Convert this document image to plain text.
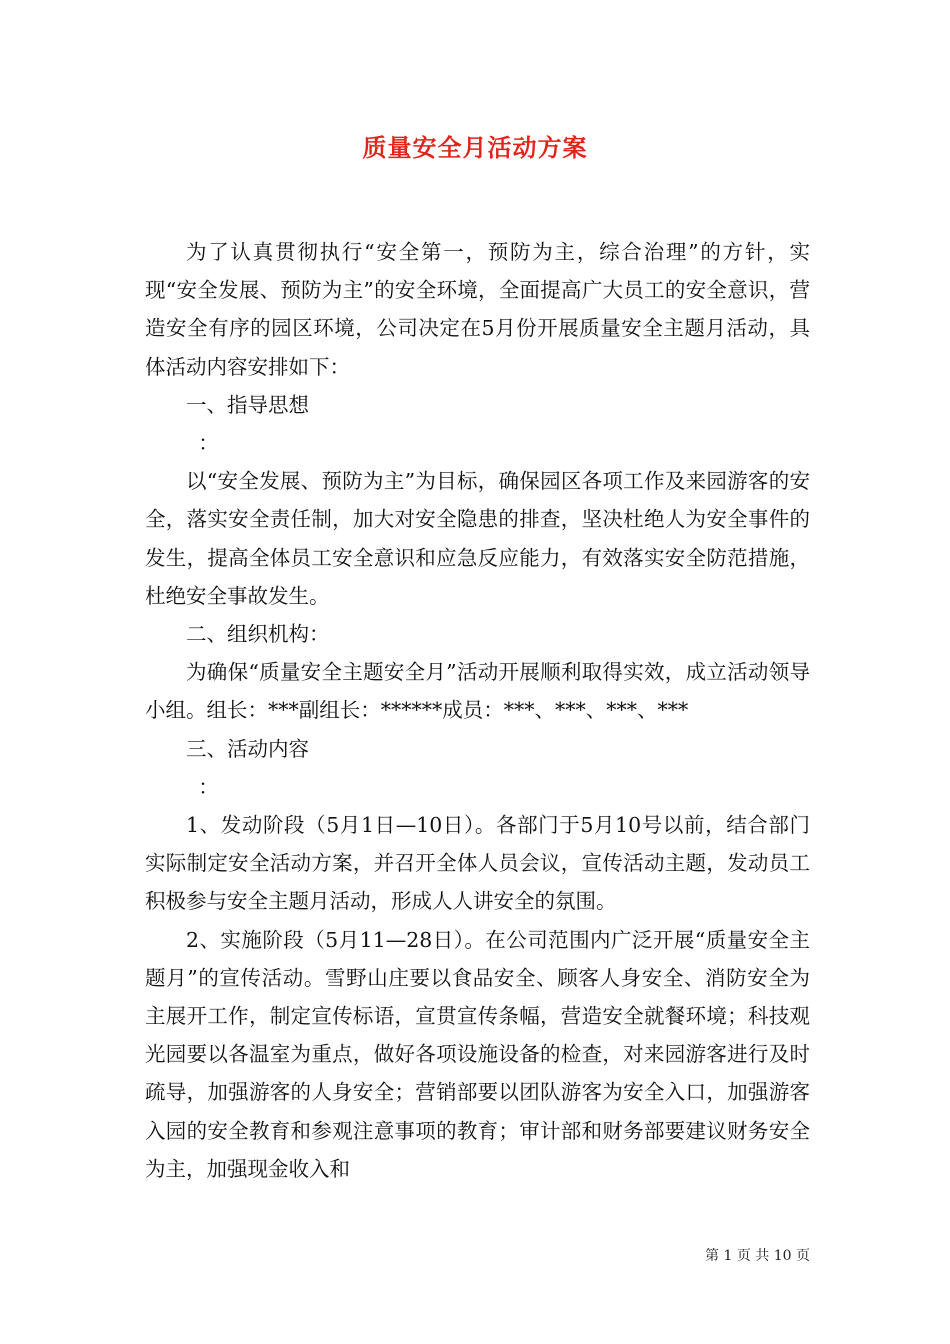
质量安全月活动方案

为了认真贯彻执行“安全第一，预防为主，综合治理”的方针，实现“安全发展、预防为主”的安全环境，全面提高广大员工的安全意识，营造安全有序的园区环境，公司决定在5月份开展质量安全主题月活动，具体活动内容安排如下：

一、指导思想

：

以“安全发展、预防为主”为目标，确保园区各项工作及来园游客的安全，落实安全责任制，加大对安全隐患的排查，坚决杜绝人为安全事件的发生，提高全体员工安全意识和应急反应能力，有效落实安全防范措施，杜绝安全事故发生。

二、组织机构：

为确保“质量安全主题安全月”活动开展顺利取得实效，成立活动领导小组。组长：***副组长：******成员：***、***、***、***

三、活动内容

：

1、发动阶段（5月1日—10日）。各部门于5月10号以前，结合部门实际制定安全活动方案，并召开全体人员会议，宣传活动主题，发动员工积极参与安全主题月活动，形成人人讲安全的氛围。

2、实施阶段（5月11—28日）。在公司范围内广泛开展“质量安全主题月”的宣传活动。雪野山庄要以食品安全、顾客人身安全、消防安全为主展开工作，制定宣传标语，宣贯宣传条幅，营造安全就餐环境；科技观光园要以各温室为重点，做好各项设施设备的检查，对来园游客进行及时疏导，加强游客的人身安全；营销部要以团队游客为安全入口，加强游客入园的安全教育和参观注意事项的教育；审计部和财务部要建议财务安全为主，加强现金收入和

第 1 页 共 10 页
